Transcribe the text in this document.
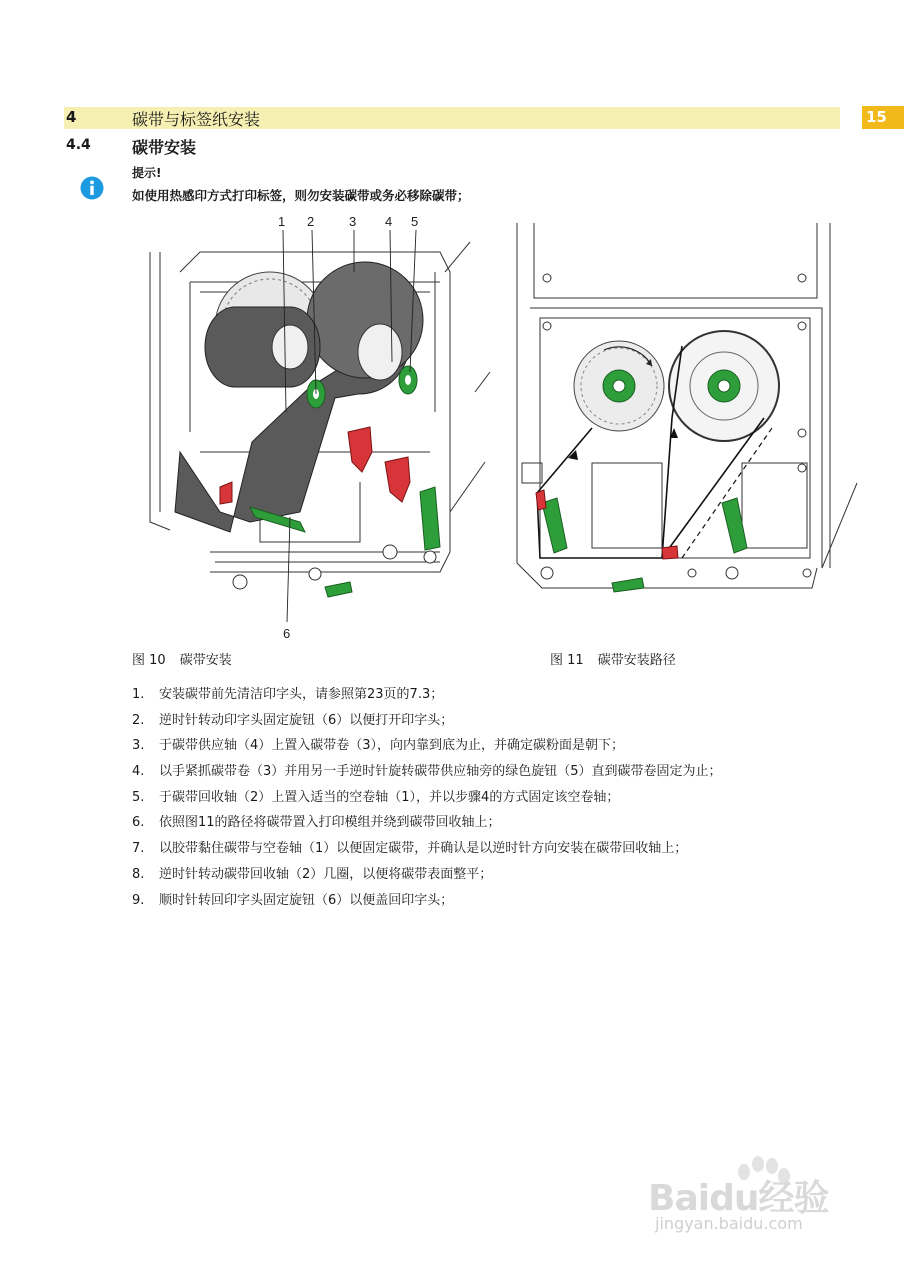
4	碳带与标签纸安装	15
4.4	碳带安装
提示!
如使用热感印方式打印标签，则勿安装碳带或务必移除碳带；
1 2	3 4 5
6
图 10 碳带安装	图 11 碳带安装路径
1. 安装碳带前先清洁印字头，请参照第23页的7.3；
2. 逆时针转动印字头固定旋钮（6）以便打开印字头；
3. 于碳带供应轴（4）上置入碳带卷（3），向内靠到底为止，并确定碳粉面是朝下；
4. 以手紧抓碳带卷（3）并用另一手逆时针旋转碳带供应轴旁的绿色旋钮（5）直到碳带卷固定为止；
5. 于碳带回收轴（2）上置入适当的空卷轴（1），并以步骤4的方式固定该空卷轴；
6. 依照图11的路径将碳带置入打印模组并绕到碳带回收轴上；
7. 以胶带黏住碳带与空卷轴（1）以便固定碳带，并确认是以逆时针方向安装在碳带回收轴上；
8. 逆时针转动碳带回收轴（2）几圈，以便将碳带表面整平；
9. 顺时针转回印字头固定旋钮（6）以便盖回印字头；
Baidu经验
jingyan.baidu.com
